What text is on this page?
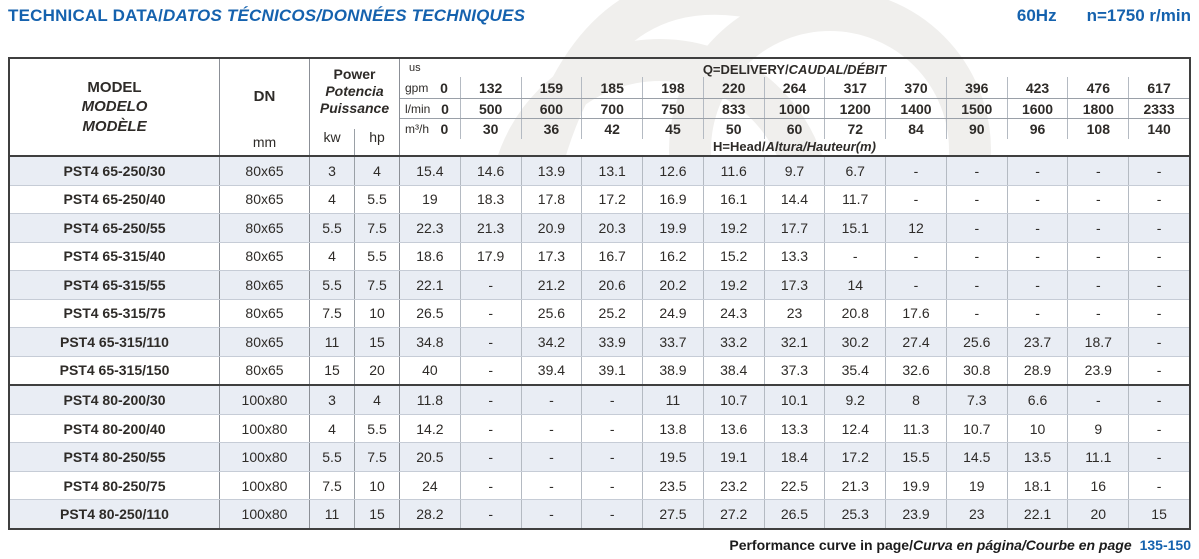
TECHNICAL DATA/DATOS TÉCNICOS/DONNÉES TECHNIQUES	60Hz n=1750 r/min
MODEL
MODELO
MODÈLE
DN
mm
Power
Potencia
Puissance
kw	hp
us	Q=DELIVERY/CAUDAL/DÉBIT
gpm 0	132	159	185	198	220	264	317	370	396	423	476	617
l/min 0	500	600	700	750	833	1000	1200	1400	1500	1600	1800	2333
m³/h 0	30	36	42	45	50	60	72	84	90	96	108	140
H=Head/Altura/Hauteur(m)
PST4 65-250/30	80x65	3	4	15.4	14.6	13.9	13.1	12.6	11.6	9.7	6.7	-	-	-	-	-
PST4 65-250/40	80x65	4	5.5	19	18.3	17.8	17.2	16.9	16.1	14.4	11.7	-	-	-	-	-
PST4 65-250/55	80x65	5.5	7.5	22.3	21.3	20.9	20.3	19.9	19.2	17.7	15.1	12	-	-	-	-
PST4 65-315/40	80x65	4	5.5	18.6	17.9	17.3	16.7	16.2	15.2	13.3	-	-	-	-	-	-
PST4 65-315/55	80x65	5.5	7.5	22.1	-	21.2	20.6	20.2	19.2	17.3	14	-	-	-	-	-
PST4 65-315/75	80x65	7.5	10	26.5	-	25.6	25.2	24.9	24.3	23	20.8	17.6	-	-	-	-
PST4 65-315/110	80x65	11	15	34.8	-	34.2	33.9	33.7	33.2	32.1	30.2	27.4	25.6	23.7	18.7	-
PST4 65-315/150	80x65	15	20	40	-	39.4	39.1	38.9	38.4	37.3	35.4	32.6	30.8	28.9	23.9	-
PST4 80-200/30	100x80	3	4	11.8	-	-	-	11	10.7	10.1	9.2	8	7.3	6.6	-	-
PST4 80-200/40	100x80	4	5.5	14.2	-	-	-	13.8	13.6	13.3	12.4	11.3	10.7	10	9	-
PST4 80-250/55	100x80	5.5	7.5	20.5	-	-	-	19.5	19.1	18.4	17.2	15.5	14.5	13.5	11.1	-
PST4 80-250/75	100x80	7.5	10	24	-	-	-	23.5	23.2	22.5	21.3	19.9	19	18.1	16	-
PST4 80-250/110	100x80	11	15	28.2	-	-	-	27.5	27.2	26.5	25.3	23.9	23	22.1	20	15
Performance curve in page/Curva en página/Courbe en page 135-150
